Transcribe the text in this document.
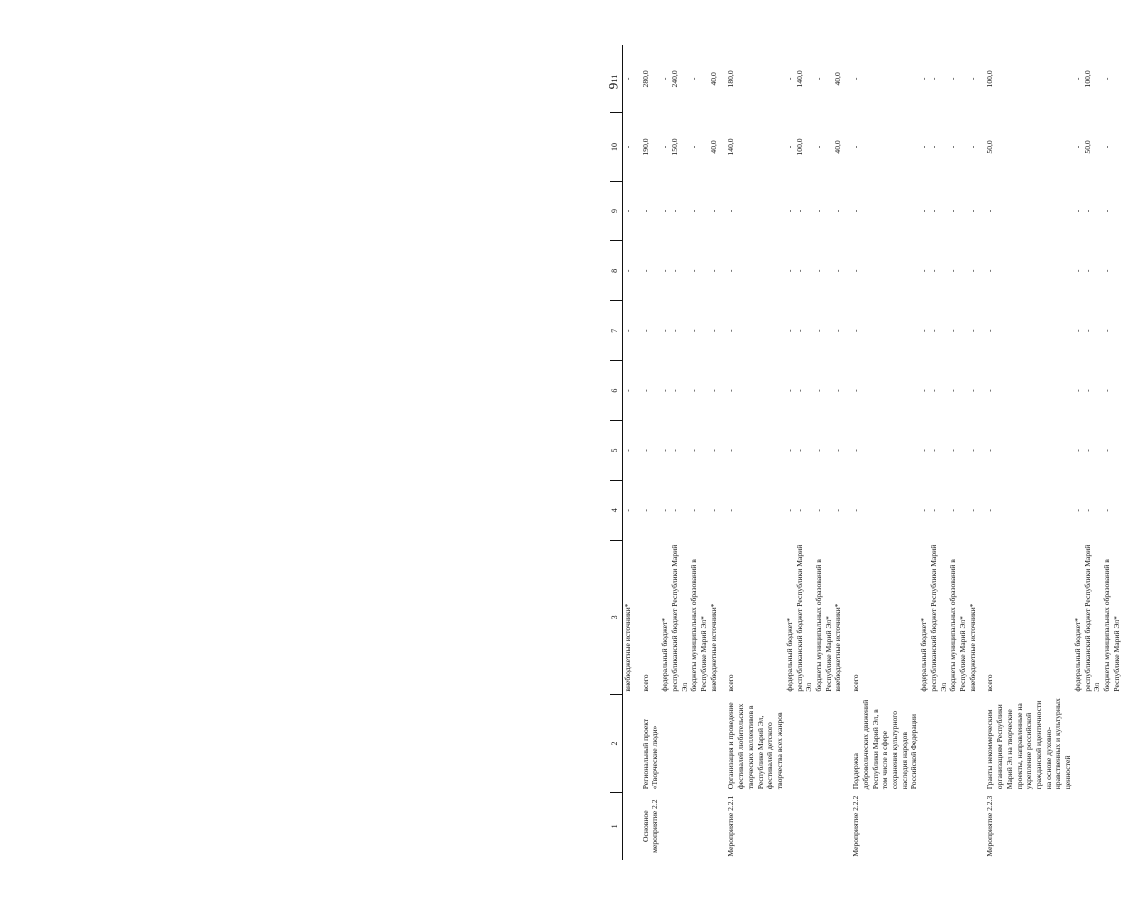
9
1	2	3	4	5	6	7	8	9	10	11
		внебюджетные источники*	-	-	-	-	-	-	-	-
Основное мероприятие 2.2	Региональный проект «Творческие люди»	всего	-	-	-	-	-	-	190,0	280,0
		федеральный бюджет*	-	-	-	-	-	-	-	-
		республиканский бюджет Республики Марий Эл	-	-	-	-	-	-	150,0	240,0
		бюджеты муниципальных образований в Республике Марий Эл*	-	-	-	-	-	-	-	-
		внебюджетные источники*	-	-	-	-	-	-	40,0	40,0
Мероприятие 2.2.1	Организация и проведение фестивалей любительских творческих коллективов в Республике Марий Эл, фестивалей детского творчества всех жанров	всего	-	-	-	-	-	-	140,0	180,0
		федеральный бюджет*	-	-	-	-	-	-	-	-
		республиканский бюджет Республики Марий Эл	-	-	-	-	-	-	100,0	140,0
		бюджеты муниципальных образований в Республике Марий Эл*	-	-	-	-	-	-	-	-
		внебюджетные источники*	-	-	-	-	-	-	40,0	40,0
Мероприятие 2.2.2	Поддержка добровольческих движений Республики Марий Эл, в том числе в сфере сохранения культурного наследия народов Российской Федерации	всего	-	-	-	-	-	-	-	-
		федеральный бюджет*	-	-	-	-	-	-	-	-
		республиканский бюджет Республики Марий Эл	-	-	-	-	-	-	-	-
		бюджеты муниципальных образований в Республике Марий Эл*	-	-	-	-	-	-	-	-
		внебюджетные источники*	-	-	-	-	-	-	-	-
Мероприятие 2.2.3	Гранты некоммерческим организациям Республики Марий Эл на творческие проекты, направленные на укрепление российской гражданской идентичности на основе духовно-нравственных и культурных ценностей	всего	-	-	-	-	-	-	50,0	100,0
		федеральный бюджет*	-	-	-	-	-	-	-	-
		республиканский бюджет Республики Марий Эл	-	-	-	-	-	-	50,0	100,0
		бюджеты муниципальных образований в Республике Марий Эл*	-	-	-	-	-	-	-	-
